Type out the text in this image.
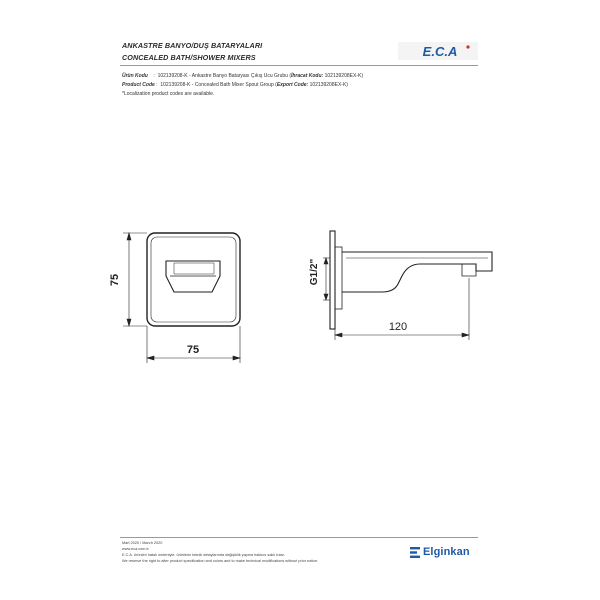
ANKASTRE BANYO/DUŞ BATARYALARI
CONCEALED BATH/SHOWER MIXERS	E.C.A
Ürün Kodu    :  102139208-K - Ankastre Banyo Bataryası Çıkış Ucu Grubu (İhracat Kodu: 102139208EX-K)
Product Code :  102139208-K - Concealed Bath Mixer Spout Group (Export Code: 102139208EX-K)
*Localization product codes are available.
75
75
G1/2"
120
Mart 2020 / March 2020
www.eca.com.tr
E.C.A. ürünleri hatalı nedeniyle, ürünlerin teknik detaylarında değişiklik yapma hakkını saklı tutar.
We reserve the right to alter product specification and colors and to make technical modifications without prior notice.
Elginkan
